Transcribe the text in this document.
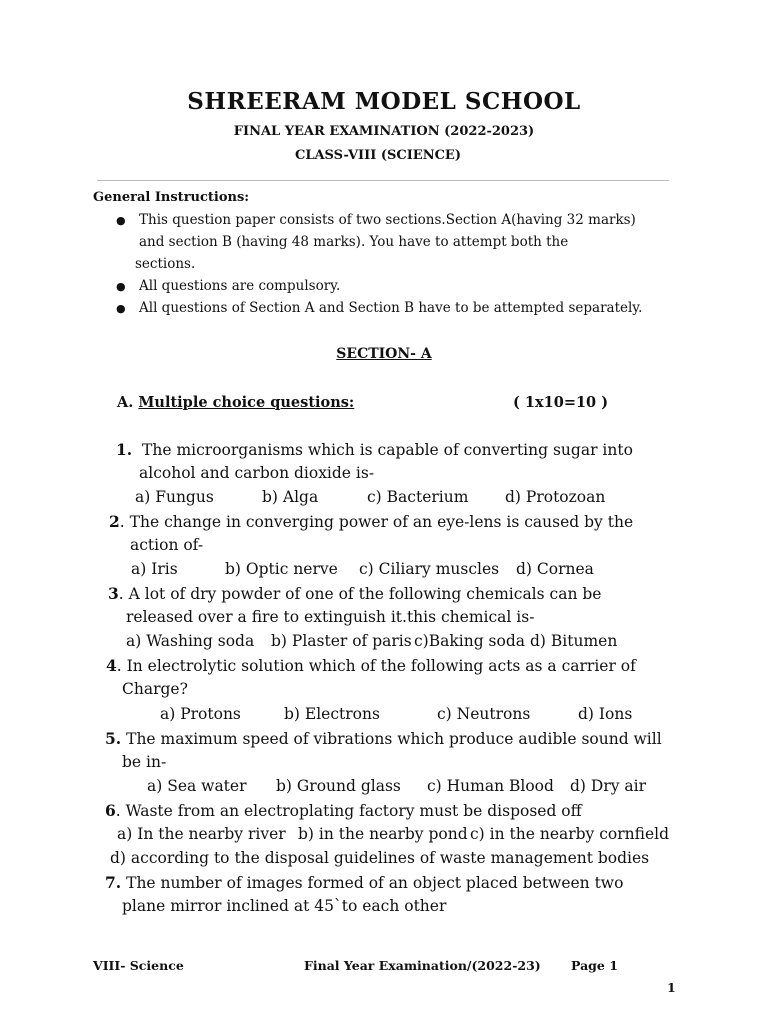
SHREERAM MODEL SCHOOL
FINAL YEAR EXAMINATION (2022-2023)
CLASS-VIII (SCIENCE)
General Instructions:
● This question paper consists of two sections.Section A(having 32 marks)
and section B (having 48 marks). You have to attempt both the
sections.
● All questions are compulsory.
● All questions of Section A and Section B have to be attempted separately.
SECTION- A
A. Multiple choice questions:	( 1x10=10 )
1. The microorganisms which is capable of converting sugar into
alcohol and carbon dioxide is-
a) Fungus	b) Alga	c) Bacterium d) Protozoan
2. The change in converging power of an eye-lens is caused by the
action of-
a) Iris	b) Optic nerve c) Ciliary muscles d) Cornea
3. A lot of dry powder of one of the following chemicals can be
released over a fire to extinguish it.this chemical is-
a) Washing soda b) Plaster of paris c)Baking soda d) Bitumen
4. In electrolytic solution which of the following acts as a carrier of
Charge?
a) Protons	b) Electrons	c) Neutrons	d) Ions
5. The maximum speed of vibrations which produce audible sound will
be in-
a) Sea water b) Ground glass c) Human Blood d) Dry air
6. Waste from an electroplating factory must be disposed off
a) In the nearby river b) in the nearby pond c) in the nearby cornfield
d) according to the disposal guidelines of waste management bodies
7. The number of images formed of an object placed between two
plane mirror inclined at 45`to each other
VIII- Science	Final Year Examination/(2022-23) Page 1
1
